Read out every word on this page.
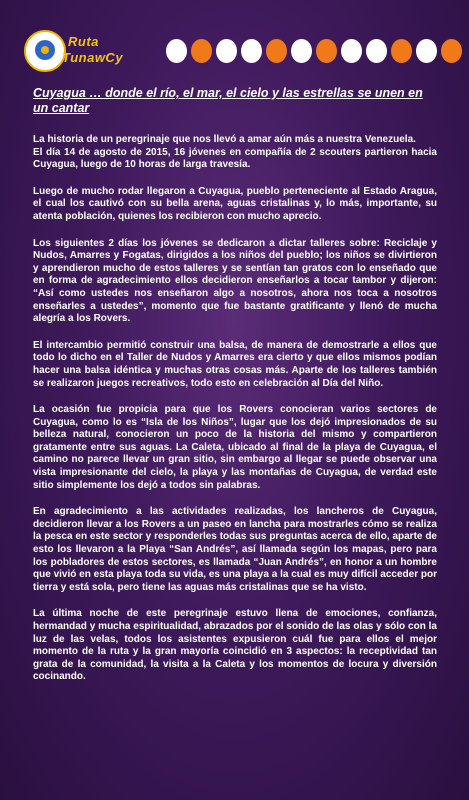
Ruta
TunawCy
Cuyagua … donde el río, el mar, el cielo y las estrellas se unen en un cantar

La historia de un peregrinaje que nos llevó a amar aún más a nuestra Venezuela.

El día 14 de agosto de 2015, 16 jóvenes en compañía de 2 scouters partieron hacia Cuyagua, luego de 10 horas de larga travesía.

Luego de mucho rodar llegaron a Cuyagua, pueblo perteneciente al Estado Aragua, el cual los cautivó con su bella arena, aguas cristalinas y, lo más, importante, su atenta población, quienes los recibieron con mucho aprecio.

Los siguientes 2 días los jóvenes se dedicaron a dictar talleres sobre: Reciclaje y Nudos, Amarres y Fogatas, dirigidos a los niños del pueblo; los niños se divirtieron y aprendieron mucho de estos talleres y se sentían tan gratos con lo enseñado que en forma de agradecimiento ellos decidieron enseñarlos a tocar tambor y dijeron: “Así como ustedes nos enseñaron algo a nosotros, ahora nos toca a nosotros enseñarles a ustedes”, momento que fue bastante gratificante y llenó de mucha alegría a los Rovers.

El intercambio permitió construir una balsa, de manera de demostrarle a ellos que todo lo dicho en el Taller de Nudos y Amarres era cierto y que ellos mismos podían hacer una balsa idéntica y muchas otras cosas más. Aparte de los talleres también se realizaron juegos recreativos, todo esto en celebración al Día del Niño.

La ocasión fue propicia para que los Rovers conocieran varios sectores de Cuyagua, como lo es “Isla de los Niños”, lugar que los dejó impresionados de su belleza natural, conocieron un poco de la historia del mismo y compartieron gratamente entre sus aguas. La Caleta, ubicado al final de la playa de Cuyagua, el camino no parece llevar un gran sitio, sin embargo al llegar se puede observar una vista impresionante del cielo, la playa y las montañas de Cuyagua, de verdad este sitio simplemente los dejó a todos sin palabras.

En agradecimiento a las actividades realizadas, los lancheros de Cuyagua, decidieron llevar a los Rovers a un paseo en lancha para mostrarles cómo se realiza la pesca en este sector y responderles todas sus preguntas acerca de ello, aparte de esto los llevaron a la Playa “San Andrés”, así llamada según los mapas, pero para los pobladores de estos sectores, es llamada “Juan Andrés”, en honor a un hombre que vivió en esta playa toda su vida, es una playa a la cual es muy difícil acceder por tierra y está sola, pero tiene las aguas más cristalinas que se ha visto.

La última noche de este peregrinaje estuvo llena de emociones, confianza, hermandad y mucha espiritualidad, abrazados por el sonido de las olas y sólo con la luz de las velas, todos los asistentes expusieron cuál fue para ellos el mejor momento de la ruta y la gran mayoría coincidió en 3 aspectos: la receptividad tan grata de la comunidad, la visita a la Caleta y los momentos de locura y diversión cocinando.
